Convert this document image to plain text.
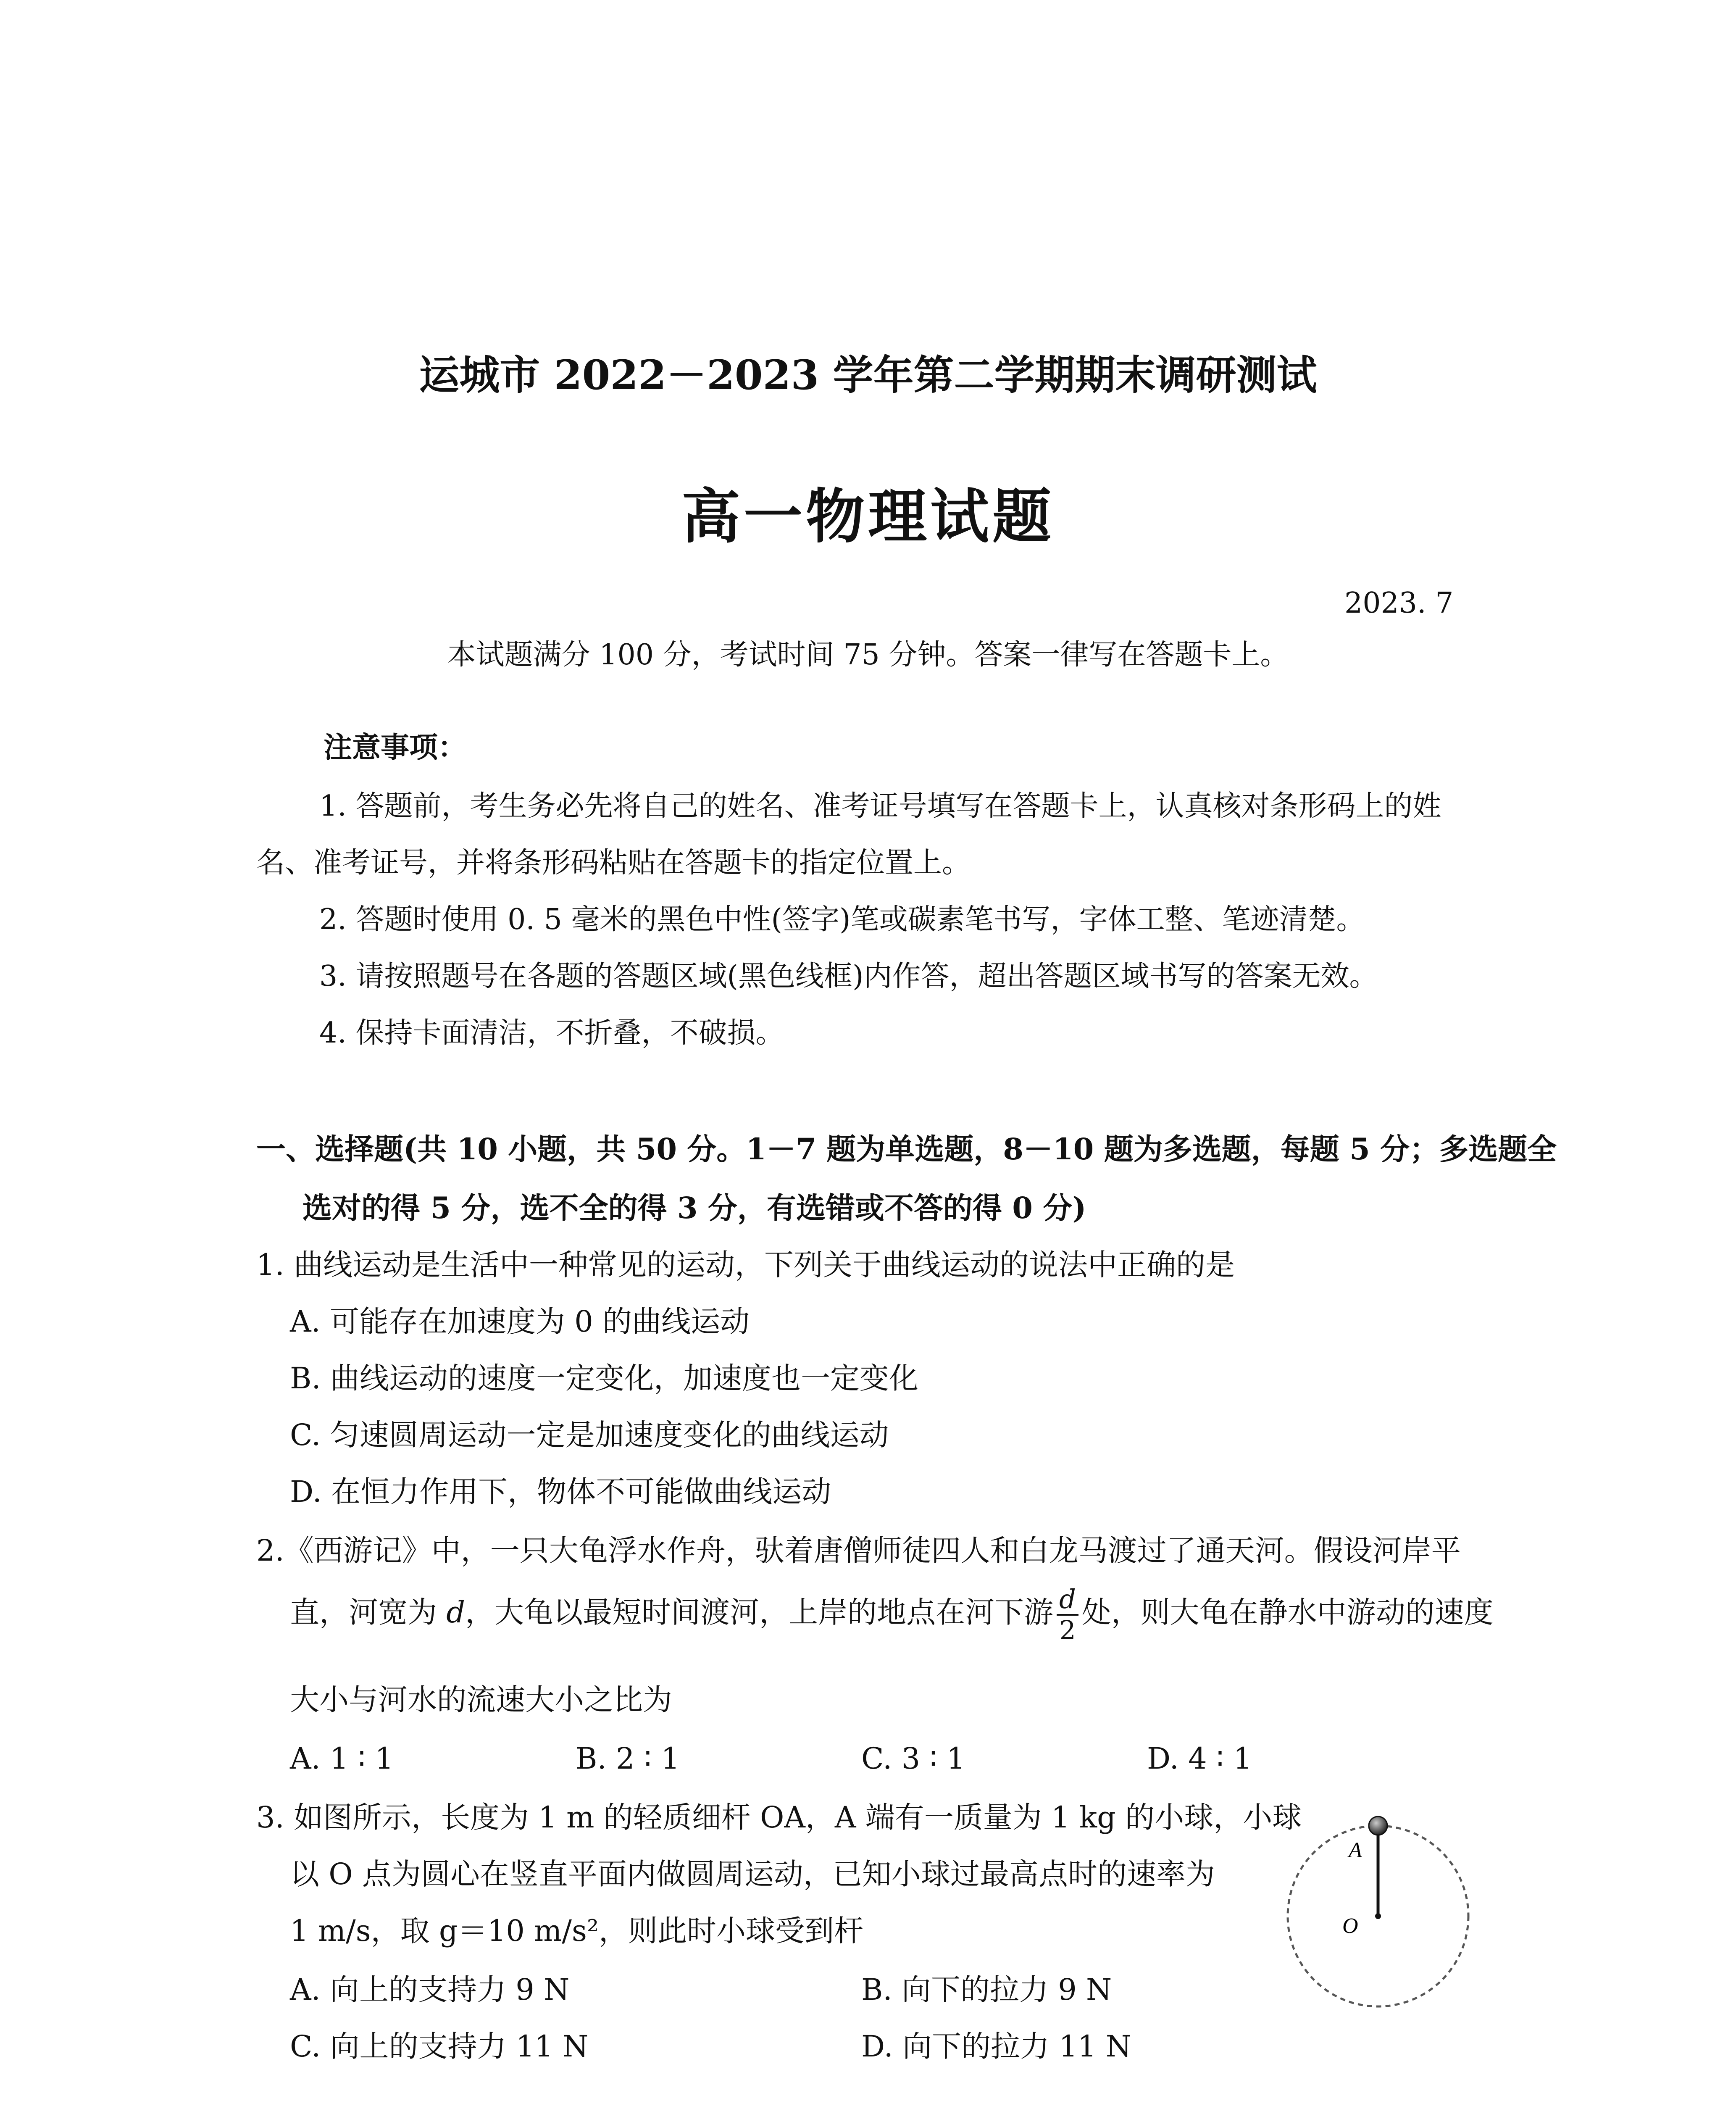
运城市 2022－2023 学年第二学期期末调研测试
高一物理试题
2023. 7
本试题满分 100 分，考试时间 75 分钟。答案一律写在答题卡上。
注意事项：
1. 答题前，考生务必先将自己的姓名、准考证号填写在答题卡上，认真核对条形码上的姓
名、准考证号，并将条形码粘贴在答题卡的指定位置上。
2. 答题时使用 0. 5 毫米的黑色中性(签字)笔或碳素笔书写，字体工整、笔迹清楚。
3. 请按照题号在各题的答题区域(黑色线框)内作答，超出答题区域书写的答案无效。
4. 保持卡面清洁，不折叠，不破损。
一、选择题(共 10 小题，共 50 分。1－7 题为单选题，8－10 题为多选题，每题 5 分；多选题全
选对的得 5 分，选不全的得 3 分，有选错或不答的得 0 分)
1. 曲线运动是生活中一种常见的运动，下列关于曲线运动的说法中正确的是
A. 可能存在加速度为 0 的曲线运动
B. 曲线运动的速度一定变化，加速度也一定变化
C. 匀速圆周运动一定是加速度变化的曲线运动
D. 在恒力作用下，物体不可能做曲线运动
2.《西游记》中，一只大龟浮水作舟，驮着唐僧师徒四人和白龙马渡过了通天河。假设河岸平
直，河宽为 d，大龟以最短时间渡河，上岸的地点在河下游 $\frac{d}{2}$ 处，则大龟在静水中游动的速度
大小与河水的流速大小之比为
A. 1 ∶ 1	B. 2 ∶ 1	C. 3 ∶ 1	D. 4 ∶ 1
3. 如图所示，长度为 1 m 的轻质细杆 OA，A 端有一质量为 1 kg 的小球，小球
以 O 点为圆心在竖直平面内做圆周运动，已知小球过最高点时的速率为
1 m/s，取 g＝10 m/s²，则此时小球受到杆
A. 向上的支持力 9 N	B. 向下的拉力 9 N
C. 向上的支持力 11 N	D. 向下的拉力 11 N
A
O
